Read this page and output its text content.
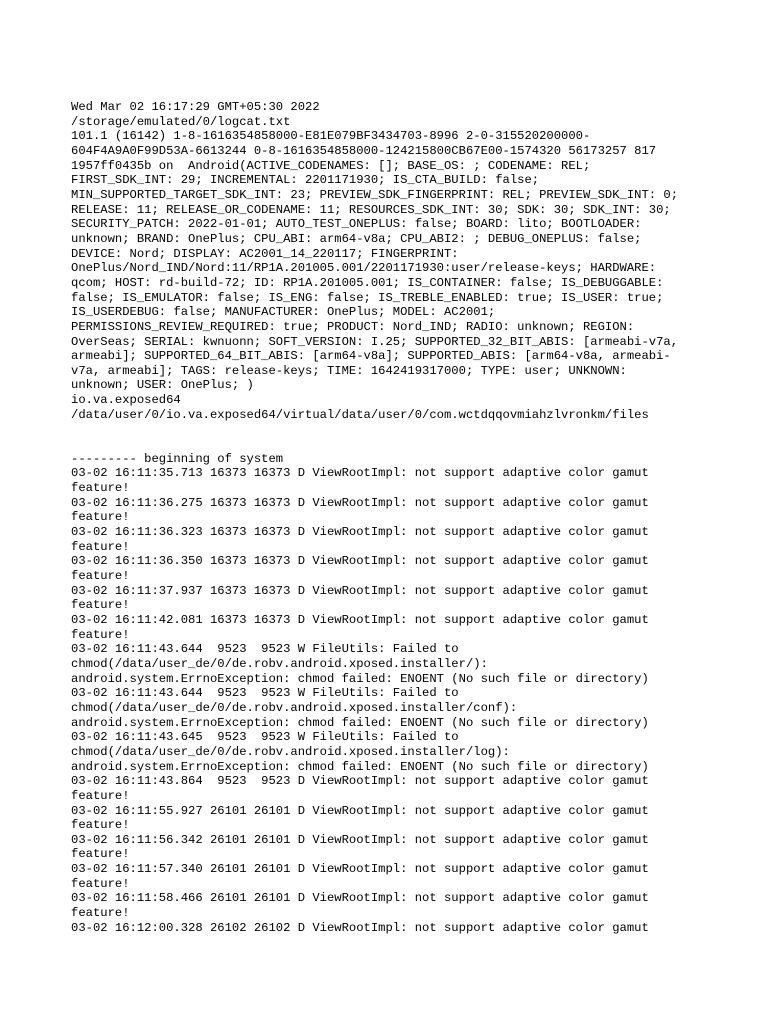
Wed Mar 02 16:17:29 GMT+05:30 2022
/storage/emulated/0/logcat.txt
101.1 (16142) 1-8-1616354858000-E81E079BF3434703-8996 2-0-315520200000-
604F4A9A0F99D53A-6613244 0-8-1616354858000-124215800CB67E00-1574320 56173257 817
1957ff0435b on  Android(ACTIVE_CODENAMES: []; BASE_OS: ; CODENAME: REL;
FIRST_SDK_INT: 29; INCREMENTAL: 2201171930; IS_CTA_BUILD: false;
MIN_SUPPORTED_TARGET_SDK_INT: 23; PREVIEW_SDK_FINGERPRINT: REL; PREVIEW_SDK_INT: 0;
RELEASE: 11; RELEASE_OR_CODENAME: 11; RESOURCES_SDK_INT: 30; SDK: 30; SDK_INT: 30;
SECURITY_PATCH: 2022-01-01; AUTO_TEST_ONEPLUS: false; BOARD: lito; BOOTLOADER:
unknown; BRAND: OnePlus; CPU_ABI: arm64-v8a; CPU_ABI2: ; DEBUG_ONEPLUS: false;
DEVICE: Nord; DISPLAY: AC2001_14_220117; FINGERPRINT:
OnePlus/Nord_IND/Nord:11/RP1A.201005.001/2201171930:user/release-keys; HARDWARE:
qcom; HOST: rd-build-72; ID: RP1A.201005.001; IS_CONTAINER: false; IS_DEBUGGABLE:
false; IS_EMULATOR: false; IS_ENG: false; IS_TREBLE_ENABLED: true; IS_USER: true;
IS_USERDEBUG: false; MANUFACTURER: OnePlus; MODEL: AC2001;
PERMISSIONS_REVIEW_REQUIRED: true; PRODUCT: Nord_IND; RADIO: unknown; REGION:
OverSeas; SERIAL: kwnuonn; SOFT_VERSION: I.25; SUPPORTED_32_BIT_ABIS: [armeabi-v7a,
armeabi]; SUPPORTED_64_BIT_ABIS: [arm64-v8a]; SUPPORTED_ABIS: [arm64-v8a, armeabi-
v7a, armeabi]; TAGS: release-keys; TIME: 1642419317000; TYPE: user; UNKNOWN:
unknown; USER: OnePlus; )
io.va.exposed64
/data/user/0/io.va.exposed64/virtual/data/user/0/com.wctdqqovmiahzlvronkm/files
--------- beginning of system
03-02 16:11:35.713 16373 16373 D ViewRootImpl: not support adaptive color gamut
feature!
03-02 16:11:36.275 16373 16373 D ViewRootImpl: not support adaptive color gamut
feature!
03-02 16:11:36.323 16373 16373 D ViewRootImpl: not support adaptive color gamut
feature!
03-02 16:11:36.350 16373 16373 D ViewRootImpl: not support adaptive color gamut
feature!
03-02 16:11:37.937 16373 16373 D ViewRootImpl: not support adaptive color gamut
feature!
03-02 16:11:42.081 16373 16373 D ViewRootImpl: not support adaptive color gamut
feature!
03-02 16:11:43.644  9523  9523 W FileUtils: Failed to
chmod(/data/user_de/0/de.robv.android.xposed.installer/):
android.system.ErrnoException: chmod failed: ENOENT (No such file or directory)
03-02 16:11:43.644  9523  9523 W FileUtils: Failed to
chmod(/data/user_de/0/de.robv.android.xposed.installer/conf):
android.system.ErrnoException: chmod failed: ENOENT (No such file or directory)
03-02 16:11:43.645  9523  9523 W FileUtils: Failed to
chmod(/data/user_de/0/de.robv.android.xposed.installer/log):
android.system.ErrnoException: chmod failed: ENOENT (No such file or directory)
03-02 16:11:43.864  9523  9523 D ViewRootImpl: not support adaptive color gamut
feature!
03-02 16:11:55.927 26101 26101 D ViewRootImpl: not support adaptive color gamut
feature!
03-02 16:11:56.342 26101 26101 D ViewRootImpl: not support adaptive color gamut
feature!
03-02 16:11:57.340 26101 26101 D ViewRootImpl: not support adaptive color gamut
feature!
03-02 16:11:58.466 26101 26101 D ViewRootImpl: not support adaptive color gamut
feature!
03-02 16:12:00.328 26102 26102 D ViewRootImpl: not support adaptive color gamut
